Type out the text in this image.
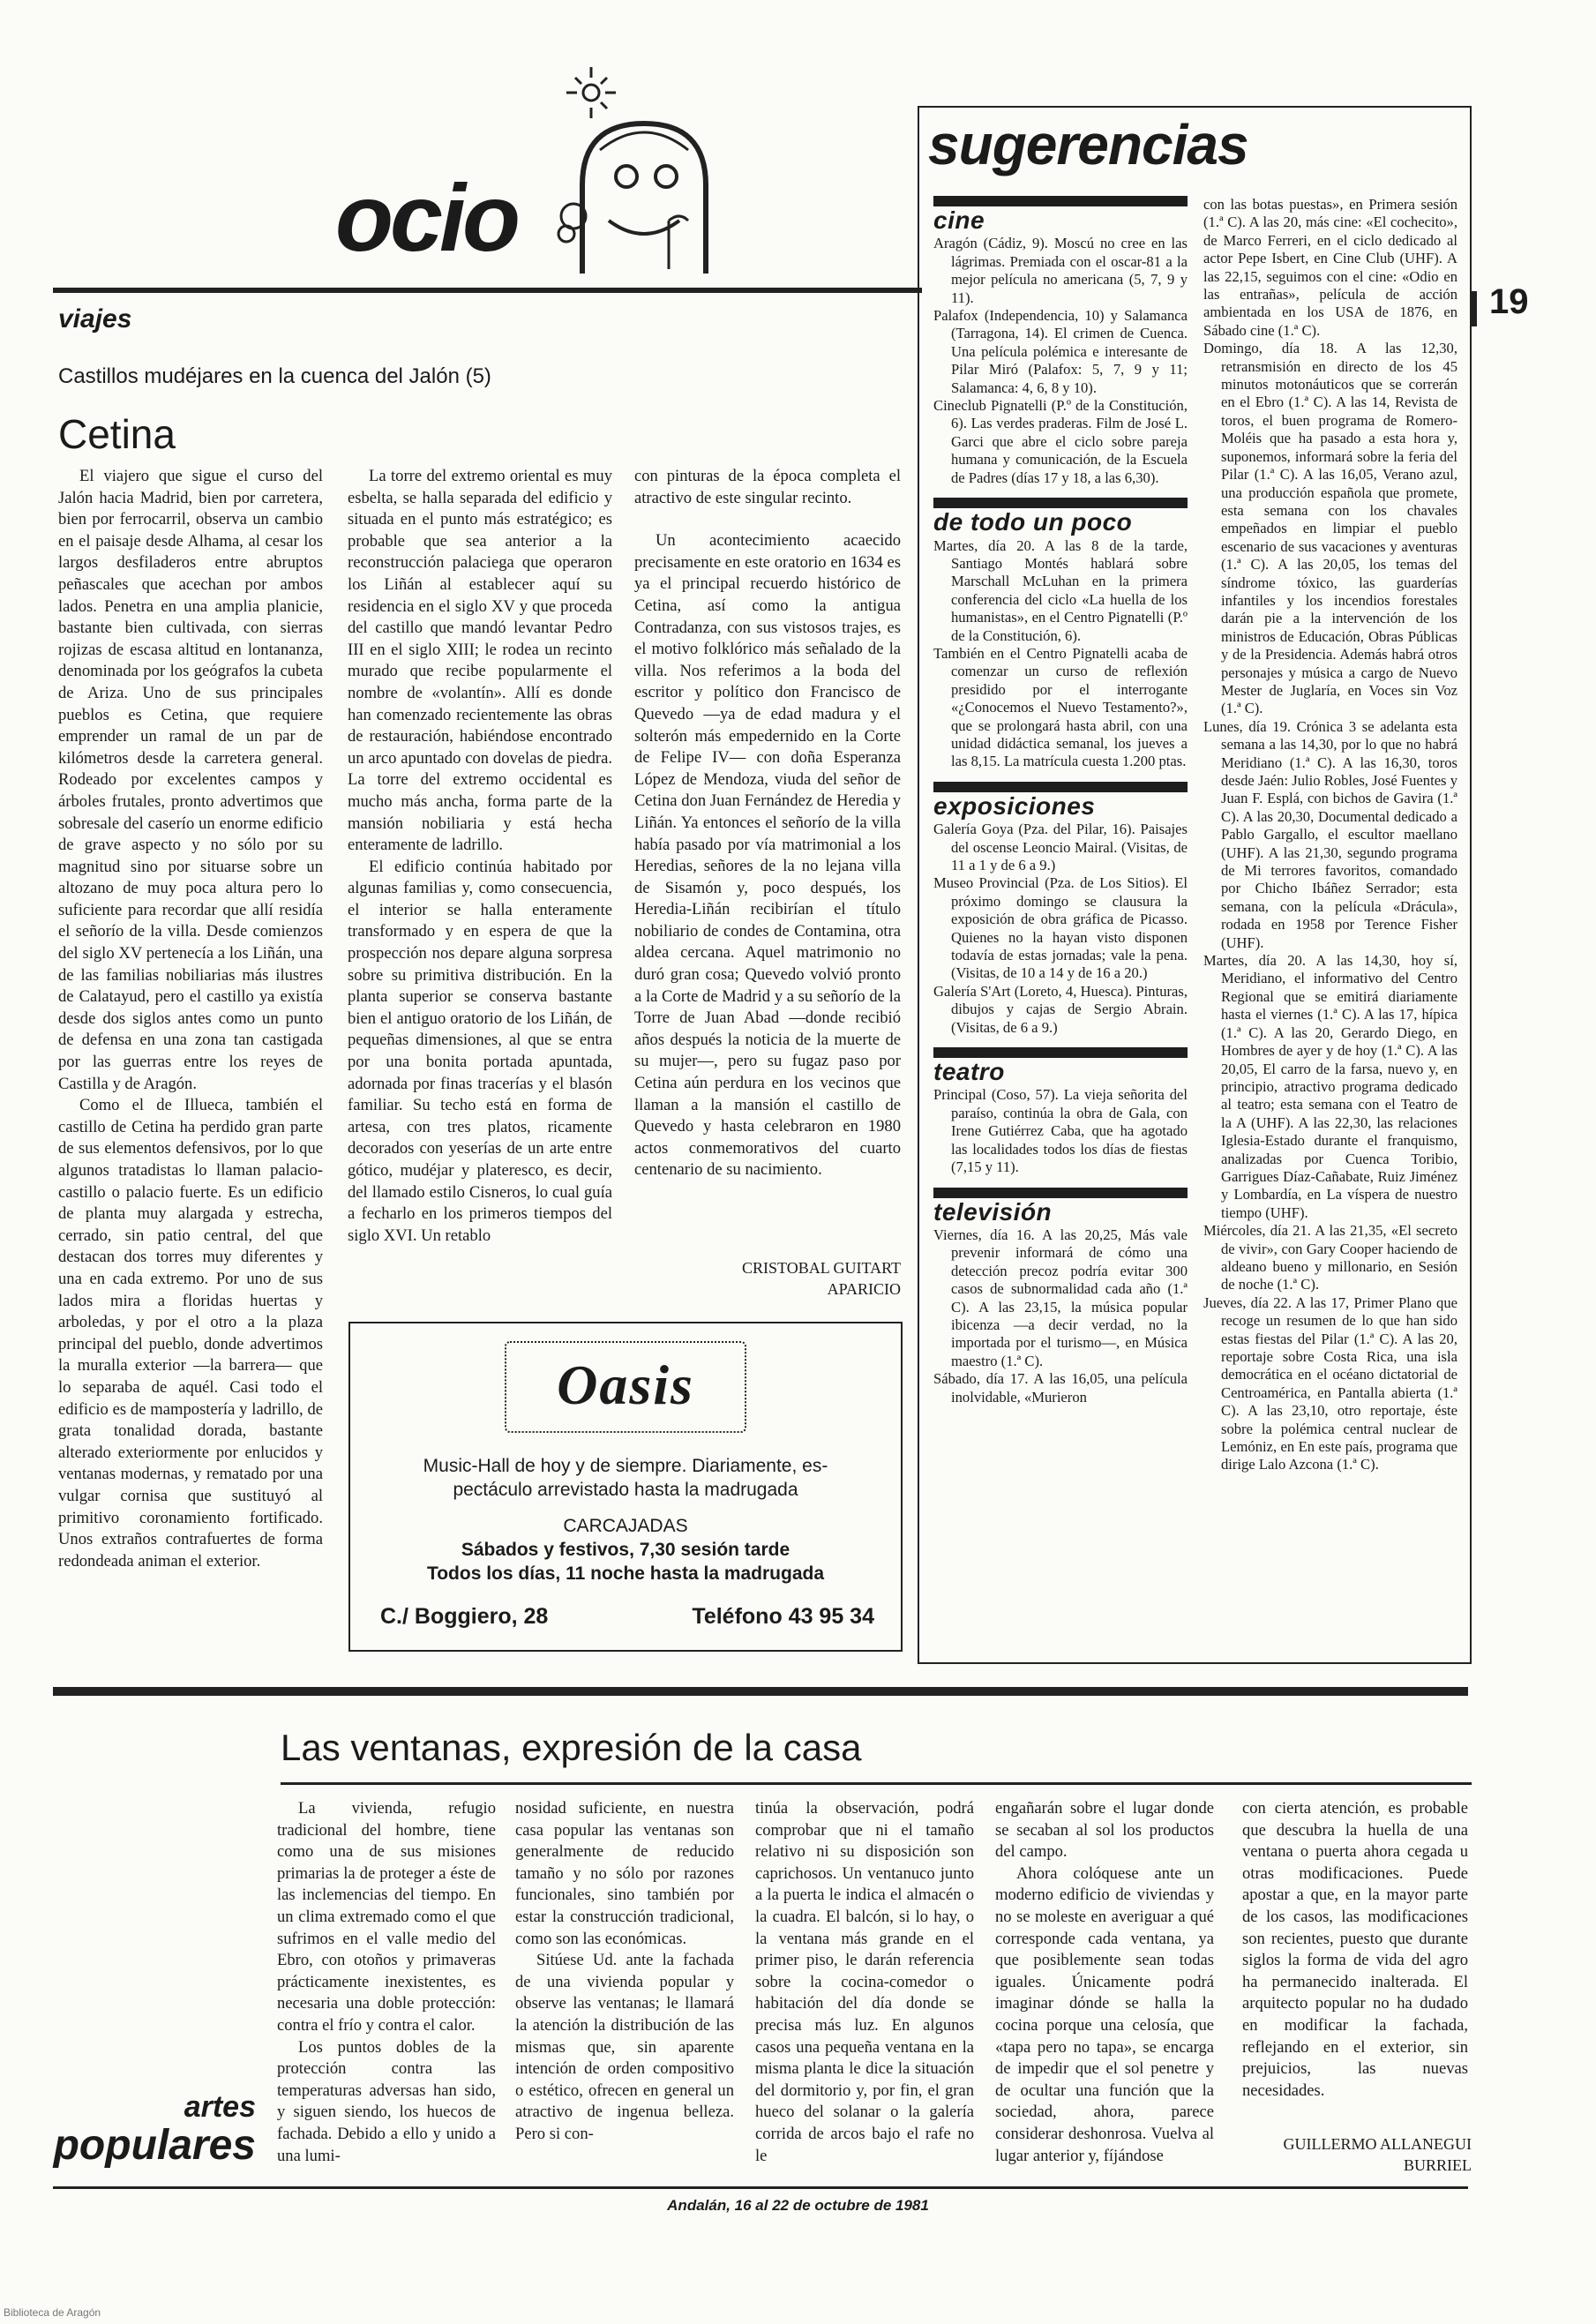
19
ocio
viajes
Castillos mudéjares en la cuenca del Jalón (5)
Cetina

El viajero que sigue el curso del Jalón hacia Madrid, bien por carretera, bien por ferrocarril, observa un cambio en el paisaje desde Alhama, al cesar los largos desfiladeros entre abruptos peñascales que acechan por ambos lados. Penetra en una amplia planicie, bastante bien cultivada, con sierras rojizas de escasa altitud en lontananza, denominada por los geógrafos la cubeta de Ariza. Uno de sus principales pueblos es Cetina, que requiere emprender un ramal de un par de kilómetros desde la carretera general. Rodeado por excelentes campos y árboles frutales, pronto advertimos que sobresale del caserío un enorme edificio de grave aspecto y no sólo por su magnitud sino por situarse sobre un altozano de muy poca altura pero lo suficiente para recordar que allí residía el señorío de la villa. Desde comienzos del siglo XV pertenecía a los Liñán, una de las familias nobiliarias más ilustres de Calatayud, pero el castillo ya existía desde dos siglos antes como un punto de defensa en una zona tan castigada por las guerras entre los reyes de Castilla y de Aragón.

Como el de Illueca, también el castillo de Cetina ha perdido gran parte de sus elementos defensivos, por lo que algunos tratadistas lo llaman palacio-castillo o palacio fuerte. Es un edificio de planta muy alargada y estrecha, cerrado, sin patio central, del que destacan dos torres muy diferentes y una en cada extremo. Por uno de sus lados mira a floridas huertas y arboledas, y por el otro a la plaza principal del pueblo, donde advertimos la muralla exterior —la barrera— que lo separaba de aquél. Casi todo el edificio es de mampostería y ladrillo, de grata tonalidad dorada, bastante alterado exteriormente por enlucidos y ventanas modernas, y rematado por una vulgar cornisa que sustituyó al primitivo coronamiento fortificado. Unos extraños contrafuertes de forma redondeada animan el exterior.

La torre del extremo oriental es muy esbelta, se halla separada del edificio y situada en el punto más estratégico; es probable que sea anterior a la reconstrucción palaciega que operaron los Liñán al establecer aquí su residencia en el siglo XV y que proceda del castillo que mandó levantar Pedro III en el siglo XIII; le rodea un recinto murado que recibe popularmente el nombre de «volantín». Allí es donde han comenzado recientemente las obras de restauración, habiéndose encontrado un arco apuntado con dovelas de piedra. La torre del extremo occidental es mucho más ancha, forma parte de la mansión nobiliaria y está hecha enteramente de ladrillo.

El edificio continúa habitado por algunas familias y, como consecuencia, el interior se halla enteramente transformado y en espera de que la prospección nos depare alguna sorpresa sobre su primitiva distribución. En la planta superior se conserva bastante bien el antiguo oratorio de los Liñán, de pequeñas dimensiones, al que se entra por una bonita portada apuntada, adornada por finas tracerías y el blasón familiar. Su techo está en forma de artesa, con tres platos, ricamente decorados con yeserías de un arte entre gótico, mudéjar y plateresco, es decir, del llamado estilo Cisneros, lo cual guía a fecharlo en los primeros tiempos del siglo XVI. Un retablo

con pinturas de la época completa el atractivo de este singular recinto.

Un acontecimiento acaecido precisamente en este oratorio en 1634 es ya el principal recuerdo histórico de Cetina, así como la antigua Contradanza, con sus vistosos trajes, es el motivo folklórico más señalado de la villa. Nos referimos a la boda del escritor y político don Francisco de Quevedo —ya de edad madura y el solterón más empedernido en la Corte de Felipe IV— con doña Esperanza López de Mendoza, viuda del señor de Cetina don Juan Fernández de Heredia y Liñán. Ya entonces el señorío de la villa había pasado por vía matrimonial a los Heredias, señores de la no lejana villa de Sisamón y, poco después, los Heredia-Liñán recibirían el título nobiliario de condes de Contamina, otra aldea cercana. Aquel matrimonio no duró gran cosa; Quevedo volvió pronto a la Corte de Madrid y a su señorío de la Torre de Juan Abad —donde recibió años después la noticia de la muerte de su mujer—, pero su fugaz paso por Cetina aún perdura en los vecinos que llaman a la mansión el castillo de Quevedo y hasta celebraron en 1980 actos conmemorativos del cuarto centenario de su nacimiento.

CRISTOBAL GUITART
APARICIO
Oasis
Music-Hall de hoy y de siempre. Diariamente, es-
pectáculo arrevistado hasta la madrugada
CARCAJADAS
Sábados y festivos, 7,30 sesión tarde
Todos los días, 11 noche hasta la madrugada
C./ Boggiero, 28	Teléfono 43 95 34
sugerencias
cine

Aragón (Cádiz, 9). Moscú no cree en las lágrimas. Premiada con el oscar-81 a la mejor película no americana (5, 7, 9 y 11).

Palafox (Independencia, 10) y Salamanca (Tarragona, 14). El crimen de Cuenca. Una película polémica e interesante de Pilar Miró (Palafox: 5, 7, 9 y 11; Salamanca: 4, 6, 8 y 10).

Cineclub Pignatelli (P.º de la Constitución, 6). Las verdes praderas. Film de José L. Garci que abre el ciclo sobre pareja humana y comunicación, de la Escuela de Padres (días 17 y 18, a las 6,30).

de todo un poco

Martes, día 20. A las 8 de la tarde, Santiago Montés hablará sobre Marschall McLuhan en la primera conferencia del ciclo «La huella de los humanistas», en el Centro Pignatelli (P.º de la Constitución, 6).

También en el Centro Pignatelli acaba de comenzar un curso de reflexión presidido por el interrogante «¿Conocemos el Nuevo Testamento?», que se prolongará hasta abril, con una unidad didáctica semanal, los jueves a las 8,15. La matrícula cuesta 1.200 ptas.

exposiciones

Galería Goya (Pza. del Pilar, 16). Paisajes del oscense Leoncio Mairal. (Visitas, de 11 a 1 y de 6 a 9.)

Museo Provincial (Pza. de Los Sitios). El próximo domingo se clausura la exposición de obra gráfica de Picasso. Quienes no la hayan visto disponen todavía de estas jornadas; vale la pena. (Visitas, de 10 a 14 y de 16 a 20.)

Galería S'Art (Loreto, 4, Huesca). Pinturas, dibujos y cajas de Sergio Abrain. (Visitas, de 6 a 9.)

teatro

Principal (Coso, 57). La vieja señorita del paraíso, continúa la obra de Gala, con Irene Gutiérrez Caba, que ha agotado las localidades todos los días de fiestas (7,15 y 11).

televisión

Viernes, día 16. A las 20,25, Más vale prevenir informará de cómo una detección precoz podría evitar 300 casos de subnormalidad cada año (1.ª C). A las 23,15, la música popular ibicenza —a decir verdad, no la importada por el turismo—, en Música maestro (1.ª C).

Sábado, día 17. A las 16,05, una película inolvidable, «Murieron

con las botas puestas», en Primera sesión (1.ª C). A las 20, más cine: «El cochecito», de Marco Ferreri, en el ciclo dedicado al actor Pepe Isbert, en Cine Club (UHF). A las 22,15, seguimos con el cine: «Odio en las entrañas», película de acción ambientada en los USA de 1876, en Sábado cine (1.ª C).

Domingo, día 18. A las 12,30, retransmisión en directo de los 45 minutos motonáuticos que se correrán en el Ebro (1.ª C). A las 14, Revista de toros, el buen programa de Romero-Moléis que ha pasado a esta hora y, suponemos, informará sobre la feria del Pilar (1.ª C). A las 16,05, Verano azul, una producción española que promete, esta semana con los chavales empeñados en limpiar el pueblo escenario de sus vacaciones y aventuras (1.ª C). A las 20,05, los temas del síndrome tóxico, las guarderías infantiles y los incendios forestales darán pie a la intervención de los ministros de Educación, Obras Públicas y de la Presidencia. Además habrá otros personajes y música a cargo de Nuevo Mester de Juglaría, en Voces sin Voz (1.ª C).

Lunes, día 19. Crónica 3 se adelanta esta semana a las 14,30, por lo que no habrá Meridiano (1.ª C). A las 16,30, toros desde Jaén: Julio Robles, José Fuentes y Juan F. Esplá, con bichos de Gavira (1.ª C). A las 20,30, Documental dedicado a Pablo Gargallo, el escultor maellano (UHF). A las 21,30, segundo programa de Mi terrores favoritos, comandado por Chicho Ibáñez Serrador; esta semana, con la película «Drácula», rodada en 1958 por Terence Fisher (UHF).

Martes, día 20. A las 14,30, hoy sí, Meridiano, el informativo del Centro Regional que se emitirá diariamente hasta el viernes (1.ª C). A las 17, hípica (1.ª C). A las 20, Gerardo Diego, en Hombres de ayer y de hoy (1.ª C). A las 20,05, El carro de la farsa, nuevo y, en principio, atractivo programa dedicado al teatro; esta semana con el Teatro de la A (UHF). A las 22,30, las relaciones Iglesia-Estado durante el franquismo, analizadas por Cuenca Toribio, Garrigues Díaz-Cañabate, Ruiz Jiménez y Lombardía, en La víspera de nuestro tiempo (UHF).

Miércoles, día 21. A las 21,35, «El secreto de vivir», con Gary Cooper haciendo de aldeano bueno y millonario, en Sesión de noche (1.ª C).

Jueves, día 22. A las 17, Primer Plano que recoge un resumen de lo que han sido estas fiestas del Pilar (1.ª C). A las 20, reportaje sobre Costa Rica, una isla democrática en el océano dictatorial de Centroamérica, en Pantalla abierta (1.ª C). A las 23,10, otro reportaje, éste sobre la polémica central nuclear de Lemóniz, en En este país, programa que dirige Lalo Azcona (1.ª C).

Las ventanas, expresión de la casa
artes
populares

La vivienda, refugio tradicional del hombre, tiene como una de sus misiones primarias la de proteger a éste de las inclemencias del tiempo. En un clima extremado como el que sufrimos en el valle medio del Ebro, con otoños y primaveras prácticamente inexistentes, es necesaria una doble protección: contra el frío y contra el calor.

Los puntos dobles de la protección contra las temperaturas adversas han sido, y siguen siendo, los huecos de fachada. Debido a ello y unido a una lumi-

nosidad suficiente, en nuestra casa popular las ventanas son generalmente de reducido tamaño y no sólo por razones funcionales, sino también por estar la construcción tradicional, como son las económicas.

Sitúese Ud. ante la fachada de una vivienda popular y observe las ventanas; le llamará la atención la distribución de las mismas que, sin aparente intención de orden compositivo o estético, ofrecen en general un atractivo de ingenua belleza. Pero si con-

tinúa la observación, podrá comprobar que ni el tamaño relativo ni su disposición son caprichosos. Un ventanuco junto a la puerta le indica el almacén o la cuadra. El balcón, si lo hay, o la ventana más grande en el primer piso, le darán referencia sobre la cocina-comedor o habitación del día donde se precisa más luz. En algunos casos una pequeña ventana en la misma planta le dice la situación del dormitorio y, por fin, el gran hueco del solanar o la galería corrida de arcos bajo el rafe no le

engañarán sobre el lugar donde se secaban al sol los productos del campo.

Ahora colóquese ante un moderno edificio de viviendas y no se moleste en averiguar a qué corresponde cada ventana, ya que posiblemente sean todas iguales. Únicamente podrá imaginar dónde se halla la cocina porque una celosía, que «tapa pero no tapa», se encarga de impedir que el sol penetre y de ocultar una función que la sociedad, ahora, parece considerar deshonrosa. Vuelva al lugar anterior y, fíjándose

con cierta atención, es probable que descubra la huella de una ventana o puerta ahora cegada u otras modificaciones. Puede apostar a que, en la mayor parte de los casos, las modificaciones son recientes, puesto que durante siglos la forma de vida del agro ha permanecido inalterada. El arquitecto popular no ha dudado en modificar la fachada, reflejando en el exterior, sin prejuicios, las nuevas necesidades.

GUILLERMO ALLANEGUI
BURRIEL
Andalán, 16 al 22 de octubre de 1981
Biblioteca de Aragón
